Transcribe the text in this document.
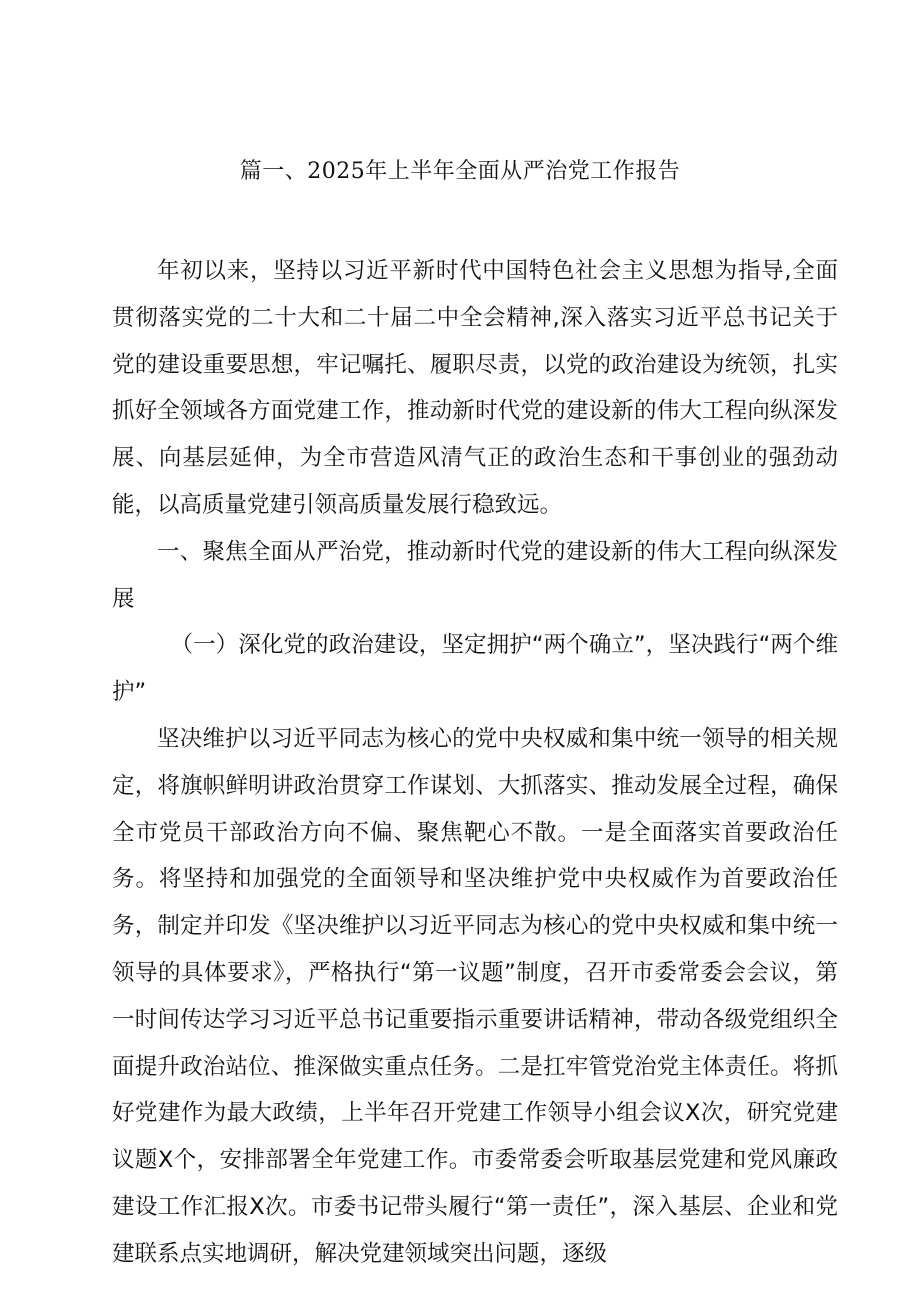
篇一、2025年上半年全面从严治党工作报告

年初以来，坚持以习近平新时代中国特色社会主义思想为指导,全面贯彻落实党的二十大和二十届二中全会精神,深入落实习近平总书记关于党的建设重要思想，牢记嘱托、履职尽责，以党的政治建设为统领，扎实抓好全领域各方面党建工作，推动新时代党的建设新的伟大工程向纵深发展、向基层延伸，为全市营造风清气正的政治生态和干事创业的强劲动能，以高质量党建引领高质量发展行稳致远。

一、聚焦全面从严治党，推动新时代党的建设新的伟大工程向纵深发展

（一）深化党的政治建设，坚定拥护“两个确立”，坚决践行“两个维护”

坚决维护以习近平同志为核心的党中央权威和集中统一领导的相关规定，将旗帜鲜明讲政治贯穿工作谋划、大抓落实、推动发展全过程，确保全市党员干部政治方向不偏、聚焦靶心不散。一是全面落实首要政治任务。将坚持和加强党的全面领导和坚决维护党中央权威作为首要政治任务，制定并印发《坚决维护以习近平同志为核心的党中央权威和集中统一领导的具体要求》，严格执行“第一议题”制度，召开市委常委会会议，第一时间传达学习习近平总书记重要指示重要讲话精神，带动各级党组织全面提升政治站位、推深做实重点任务。二是扛牢管党治党主体责任。将抓好党建作为最大政绩，上半年召开党建工作领导小组会议X次，研究党建议题X个，安排部署全年党建工作。市委常委会听取基层党建和党风廉政建设工作汇报X次。市委书记带头履行“第一责任”，深入基层、企业和党建联系点实地调研，解决党建领域突出问题，逐级
